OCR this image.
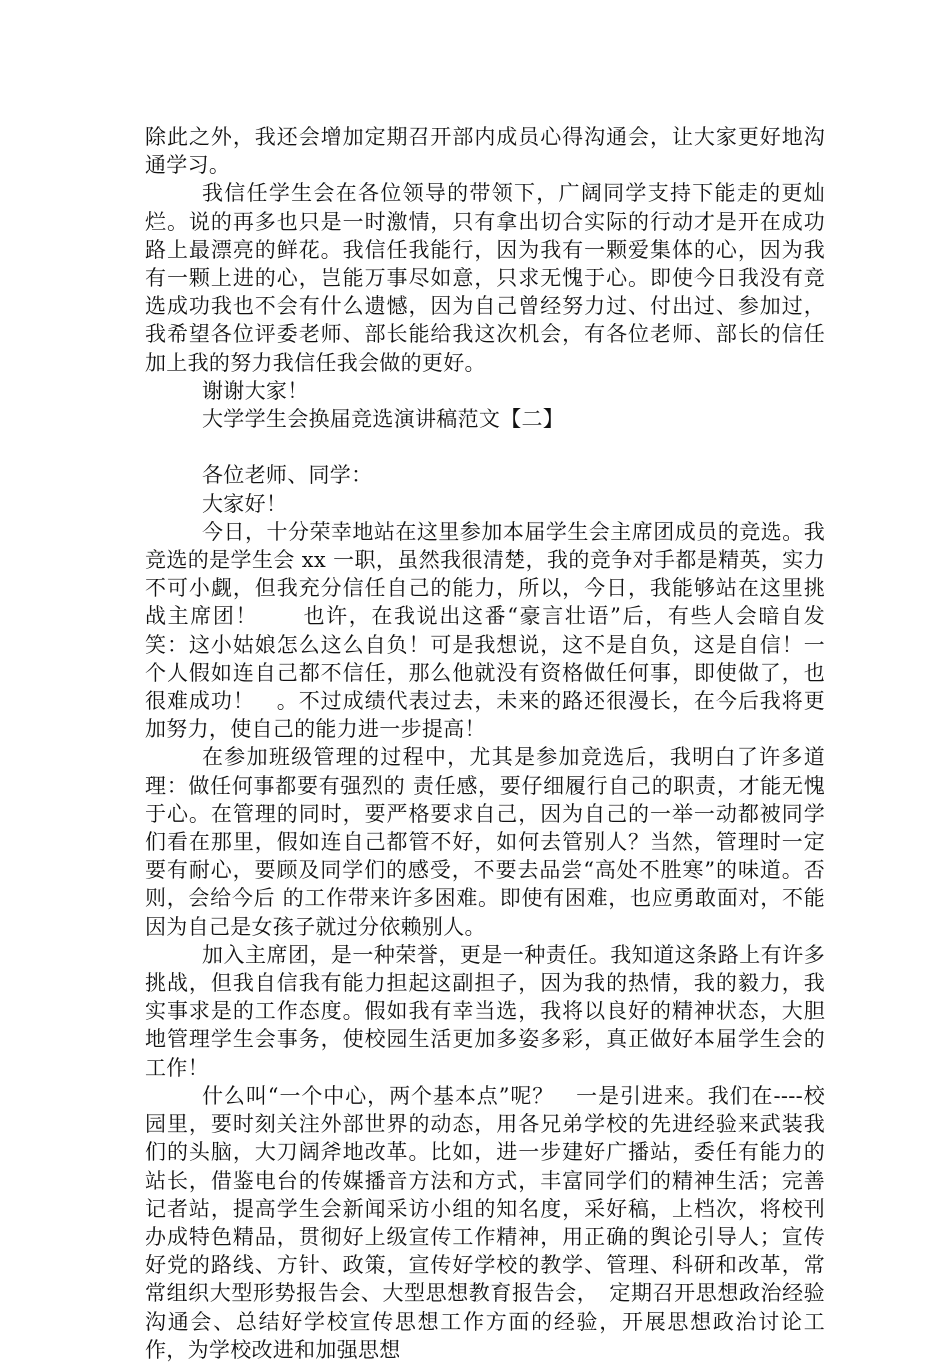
除此之外，我还会增加定期召开部内成员心得沟通会，让大家更好地沟通学习。

我信任学生会在各位领导的带领下，广阔同学支持下能走的更灿烂。说的再多也只是一时激情，只有拿出切合实际的行动才是开在成功路上最漂亮的鲜花。我信任我能行，因为我有一颗爱集体的心，因为我有一颗上进的心，岂能万事尽如意，只求无愧于心。即使今日我没有竞选成功我也不会有什么遗憾，因为自己曾经努力过、付出过、参加过，我希望各位评委老师、部长能给我这次机会，有各位老师、部长的信任加上我的努力我信任我会做的更好。

谢谢大家！

大学学生会换届竞选演讲稿范文【二】

各位老师、同学：

大家好！

今日，十分荣幸地站在这里参加本届学生会主席团成员的竞选。我竞选的是学生会 xx 一职，虽然我很清楚，我的竞争对手都是精英，实力不可小觑，但我充分信任自己的能力，所以，今日，我能够站在这里挑战主席团！　　也许，在我说出这番“豪言壮语”后，有些人会暗自发笑：这小姑娘怎么这么自负！可是我想说，这不是自负，这是自信！一个人假如连自己都不信任，那么他就没有资格做任何事，即使做了，也很难成功！　。不过成绩代表过去，未来的路还很漫长，在今后我将更加努力，使自己的能力进一步提高！

在参加班级管理的过程中，尤其是参加竞选后，我明白了许多道理：做任何事都要有强烈的 责任感，要仔细履行自己的职责，才能无愧于心。在管理的同时，要严格要求自己，因为自己的一举一动都被同学们看在那里，假如连自己都管不好，如何去管别人？当然，管理时一定要有耐心，要顾及同学们的感受，不要去品尝“高处不胜寒”的味道。否则，会给今后 的工作带来许多困难。即使有困难，也应勇敢面对，不能因为自己是女孩子就过分依赖别人。

加入主席团，是一种荣誉，更是一种责任。我知道这条路上有许多挑战，但我自信我有能力担起这副担子，因为我的热情，我的毅力，我实事求是的工作态度。假如我有幸当选，我将以良好的精神状态，大胆地管理学生会事务，使校园生活更加多姿多彩，真正做好本届学生会的工作！

什么叫“一个中心，两个基本点”呢？　一是引进来。我们在----校园里，要时刻关注外部世界的动态，用各兄弟学校的先进经验来武装我们的头脑，大刀阔斧地改革。比如，进一步建好广播站，委任有能力的站长，借鉴电台的传媒播音方法和方式，丰富同学们的精神生活；完善记者站，提高学生会新闻采访小组的知名度，采好稿，上档次，将校刊办成特色精品，贯彻好上级宣传工作精神，用正确的舆论引导人；宣传好党的路线、方针、政策，宣传好学校的教学、管理、科研和改革，常常组织大型形势报告会、大型思想教育报告会，　定期召开思想政治经验沟通会、总结好学校宣传思想工作方面的经验，开展思想政治讨论工作，为学校改进和加强思想
